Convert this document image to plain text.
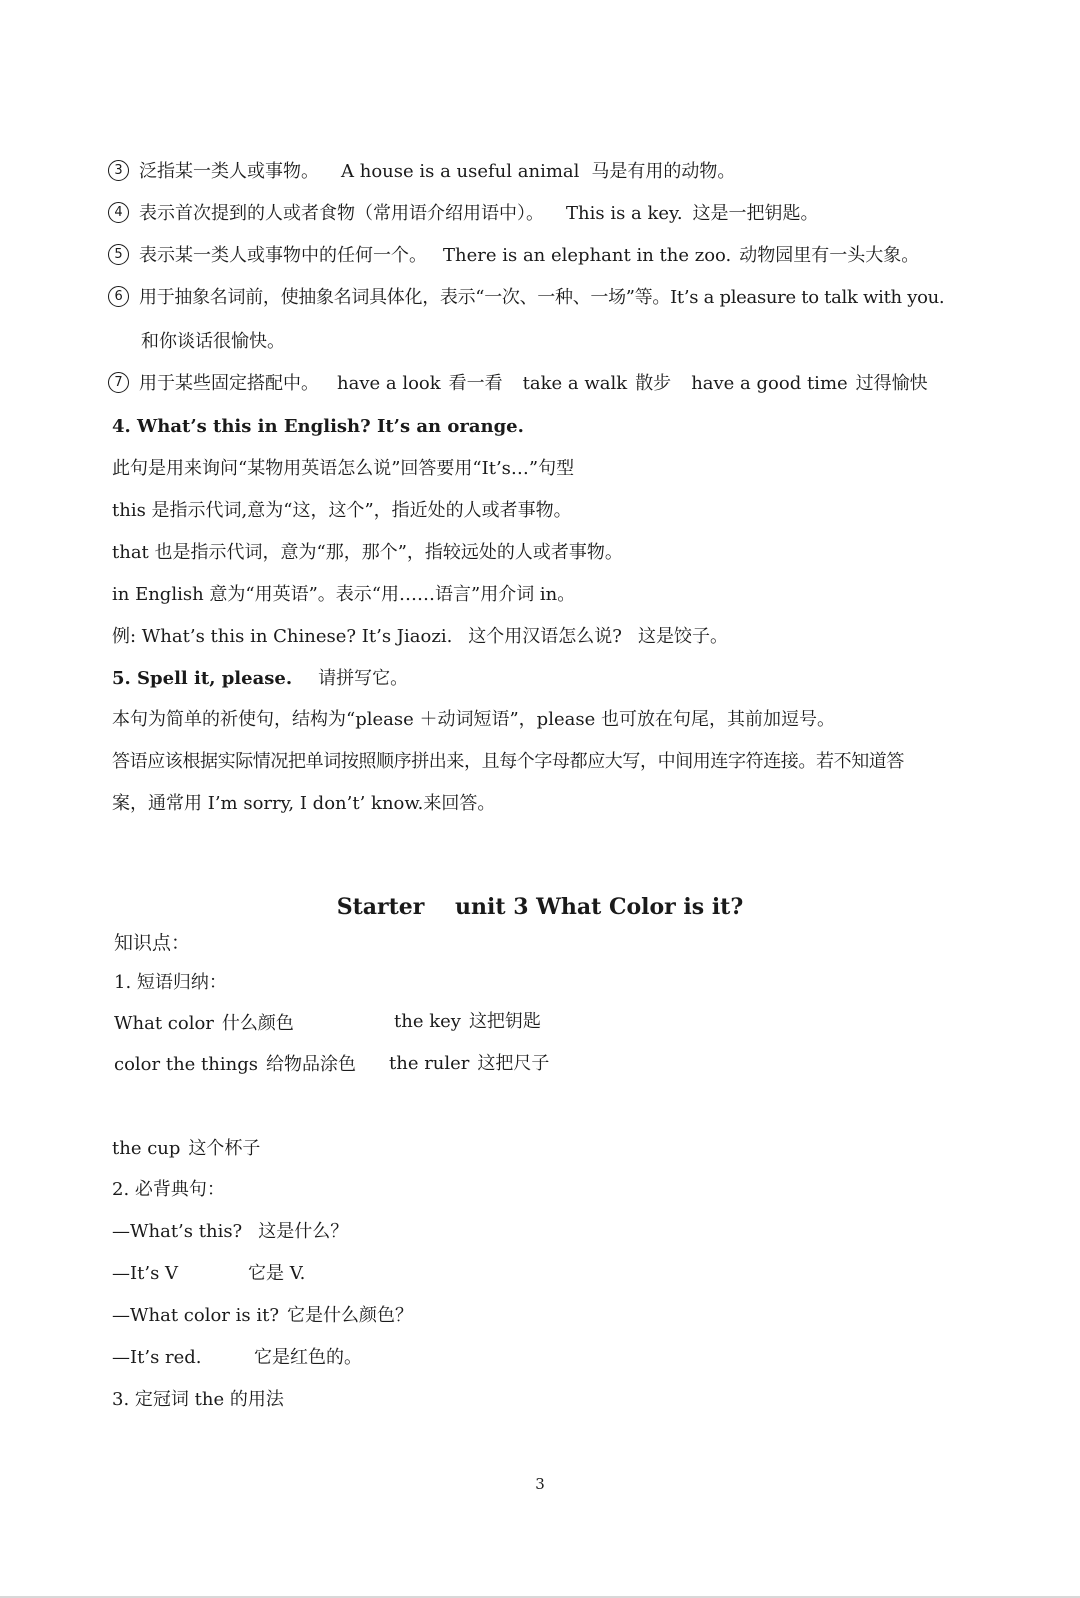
3 泛指某一类人或事物。 A house is a useful animal 马是有用的动物。
4 表示首次提到的人或者食物（常用语介绍用语中）。 This is a key. 这是一把钥匙。
5 表示某一类人或事物中的任何一个。 There is an elephant in the zoo. 动物园里有一头大象。
6 用于抽象名词前，使抽象名词具体化，表示“一次、一种、一场”等。It’s a pleasure to talk with you.
和你谈话很愉快。
7 用于某些固定搭配中。 have a look 看一看 take a walk 散步 have a good time 过得愉快
4. What’s this in English? It’s an orange.
此句是用来询问“某物用英语怎么说”回答要用“It’s…”句型
this 是指示代词,意为“这，这个”，指近处的人或者事物。
that 也是指示代词，意为“那，那个”，指较远处的人或者事物。
in English 意为“用英语”。表示“用……语言”用介词 in。
例: What’s this in Chinese? It’s Jiaozi. 这个用汉语怎么说? 这是饺子。
5. Spell it, please. 请拼写它。
本句为简单的祈使句，结构为“please ＋动词短语”，please 也可放在句尾，其前加逗号。
答语应该根据实际情况把单词按照顺序拼出来，且每个字母都应大写，中间用连字符连接。若不知道答
案，通常用 I’m sorry, I don’t’ know.来回答。
Starter    unit 3 What Color is it?
知识点：
1. 短语归纳：
What color 什么颜色	the key 这把钥匙
color the things 给物品涂色 the ruler 这把尺子
the cup 这个杯子
2. 必背典句：
—What’s this? 这是什么？
—It’s V	它是 V.
—What color is it? 它是什么颜色？
—It’s red.	它是红色的。
3. 定冠词 the 的用法
3
